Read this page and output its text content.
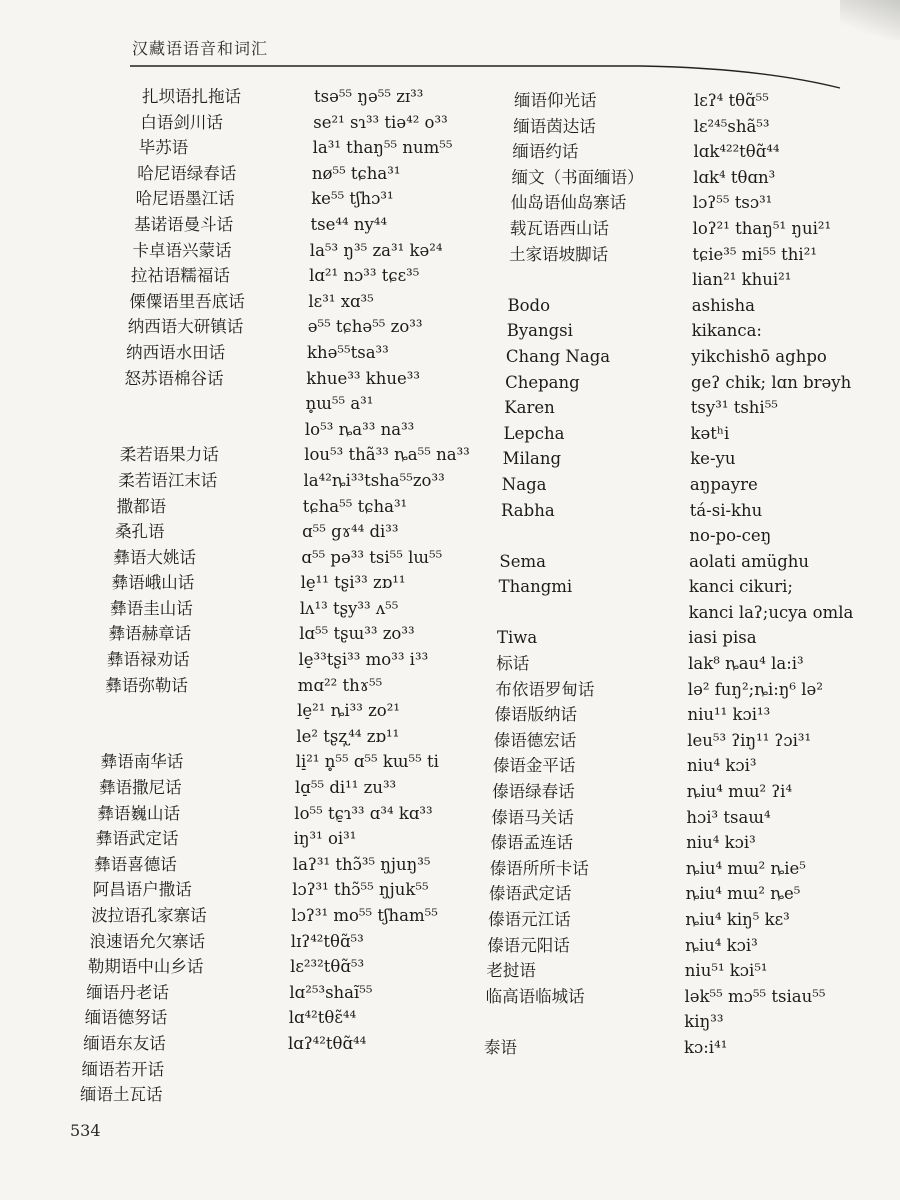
汉藏语语音和词汇
扎坝语扎拖话
白语剑川话
毕苏语
哈尼语绿春话
哈尼语墨江话
基诺语曼斗话
卡卓语兴蒙话
拉祜语糯福话
傈僳语里吾底话
纳西语大研镇话
纳西语水田话
怒苏语棉谷话
柔若语果力话
柔若语江末话
撒都语
桑孔语
彝语大姚话
彝语峨山话
彝语圭山话
彝语赫章话
彝语禄劝话
彝语弥勒话
彝语南华话
彝语撒尼话
彝语巍山话
彝语武定话
彝语喜德话
阿昌语户撒话
波拉语孔家寨话
浪速语允欠寨话
勒期语中山乡话
缅语丹老话
缅语德努话
缅语东友话
缅语若开话
缅语土瓦话
tsə⁵⁵ ŋə⁵⁵ zɪ³³
se²¹ sɿ³³ tiə⁴² o³³
la³¹ thaŋ⁵⁵ num⁵⁵
nø⁵⁵ tɕha³¹
ke⁵⁵ tʃhɔ³¹
tse⁴⁴ ny⁴⁴
la⁵³ ŋ³⁵ za³¹ kə²⁴
lɑ²¹ nɔ³³ tɕɛ³⁵
lɛ³¹ xɑ³⁵
ə⁵⁵ tɕhə⁵⁵ zo³³
khə⁵⁵tsa³³
khue³³ khue³³
n̥ɯ⁵⁵ a³¹
lo⁵³ ȵa³³ na³³
lou⁵³ thã³³ ȵa⁵⁵ na³³
la⁴²ȵi³³tsha⁵⁵zo³³
tɕha⁵⁵ tɕha³¹
ɑ⁵⁵ gɤ⁴⁴ di³³
ɑ⁵⁵ pə³³ tsi⁵⁵ lɯ⁵⁵
le̠¹¹ tʂi³³ zɒ¹¹
lʌ¹³ tʂy³³ ʌ⁵⁵
lɑ⁵⁵ tʂɯ³³ zo³³
le̠³³tʂi³³ mo³³ i³³
mɑ²² thɤ⁵⁵
le̠²¹ ȵi³³ zo²¹
le² tʂʐ̩⁴⁴ zɒ¹¹
li̠²¹ n̥⁵⁵ ɑ⁵⁵ kɯ⁵⁵ ti
lɑ̠⁵⁵ di¹¹ zu³³
lo⁵⁵ tɕ̠ɿ³³ ɑ³⁴ kɑ³³
iŋ³¹ oi³¹
laʔ³¹ thɔ̃³⁵ ŋjuŋ³⁵
lɔʔ³¹ thɔ̃⁵⁵ ŋjuk⁵⁵
lɔʔ³¹ mo⁵⁵ tʃham⁵⁵
lɪʔ⁴²tθɑ̃⁵³
lɛ²³²tθɑ̃⁵³
lɑ²⁵³shaĩ⁵⁵
lɑ⁴²tθɛ̃⁴⁴
lɑʔ⁴²tθɑ̃⁴⁴
缅语仰光话
缅语茵达话
缅语约话
缅文（书面缅语）
仙岛语仙岛寨话
载瓦语西山话
土家语坡脚话
Bodo
Byangsi
Chang Naga
Chepang
Karen
Lepcha
Milang
Naga
Rabha
Sema
Thangmi
Tiwa
标话
布依语罗甸话
傣语版纳话
傣语德宏话
傣语金平话
傣语绿春话
傣语马关话
傣语孟连话
傣语所所卡话
傣语武定话
傣语元江话
傣语元阳话
老挝语
临高语临城话
泰语
lɛʔ⁴ tθɑ̃⁵⁵
lɛ²⁴⁵shã⁵³
lɑk⁴²²tθɑ̃⁴⁴
lɑk⁴ tθɑn³
lɔʔ⁵⁵ tsɔ³¹
loʔ²¹ thaŋ⁵¹ ŋui²¹
tɕie³⁵ mi⁵⁵ thi²¹
lian²¹ khui²¹
ashisha
kikanca:
yikchishō aghpo
geʔ chik; lɑn brəyh
tsy³¹ tshi⁵⁵
kətʰi
ke-yu
aŋpayre
tá-si-khu
no-po-ceŋ
aolati amüghu
kanci cikuri;
kanci laʔ;ucya omla
iasi pisa
lak⁸ ȵau⁴ la:i³
lə² fuŋ²;ȵi:ŋ⁶ lə²
niu¹¹ kɔi¹³
leu⁵³ ʔiŋ¹¹ ʔɔi³¹
niu⁴ kɔi³
ȵiu⁴ mɯ² ʔi⁴
hɔi³ tsaɯ⁴
niu⁴ kɔi³
ȵiu⁴ mɯ² ȵie⁵
ȵiu⁴ mɯ² ȵe⁵
ȵiu⁴ kiŋ⁵ kɛ³
ȵiu⁴ kɔi³
niu⁵¹ kɔi⁵¹
lək⁵⁵ mɔ⁵⁵ tsiau⁵⁵
kiŋ³³
kɔ:i⁴¹
534
